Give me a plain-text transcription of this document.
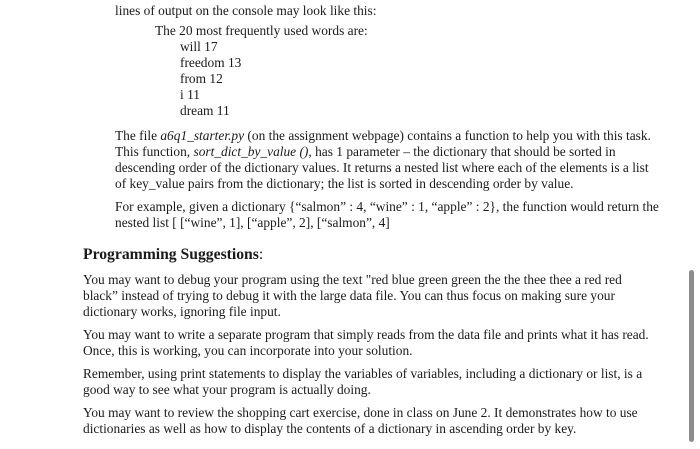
lines of output on the console may look like this:
The 20 most frequently used words are:
will 17
freedom 13
from 12
i 11
dream 11

The file a6q1_starter.py (on the assignment webpage) contains a function to help you with this task. This function, sort_dict_by_value (), has 1 parameter – the dictionary that should be sorted in descending order of the dictionary values. It returns a nested list where each of the elements is a list of key_value pairs from the dictionary; the list is sorted in descending order by value.

For example, given a dictionary {“salmon” : 4, “wine” : 1, “apple” : 2}, the function would return the nested list [ [“wine”, 1], [“apple”, 2], [“salmon”, 4]

Programming Suggestions:

You may want to debug your program using the text "red blue green green the the thee thee a red red black” instead of trying to debug it with the large data file. You can thus focus on making sure your dictionary works, ignoring file input.

You may want to write a separate program that simply reads from the data file and prints what it has read. Once, this is working, you can incorporate into your solution.

Remember, using print statements to display the variables of variables, including a dictionary or list, is a good way to see what your program is actually doing.

You may want to review the shopping cart exercise, done in class on June 2. It demonstrates how to use dictionaries as well as how to display the contents of a dictionary in ascending order by key.
